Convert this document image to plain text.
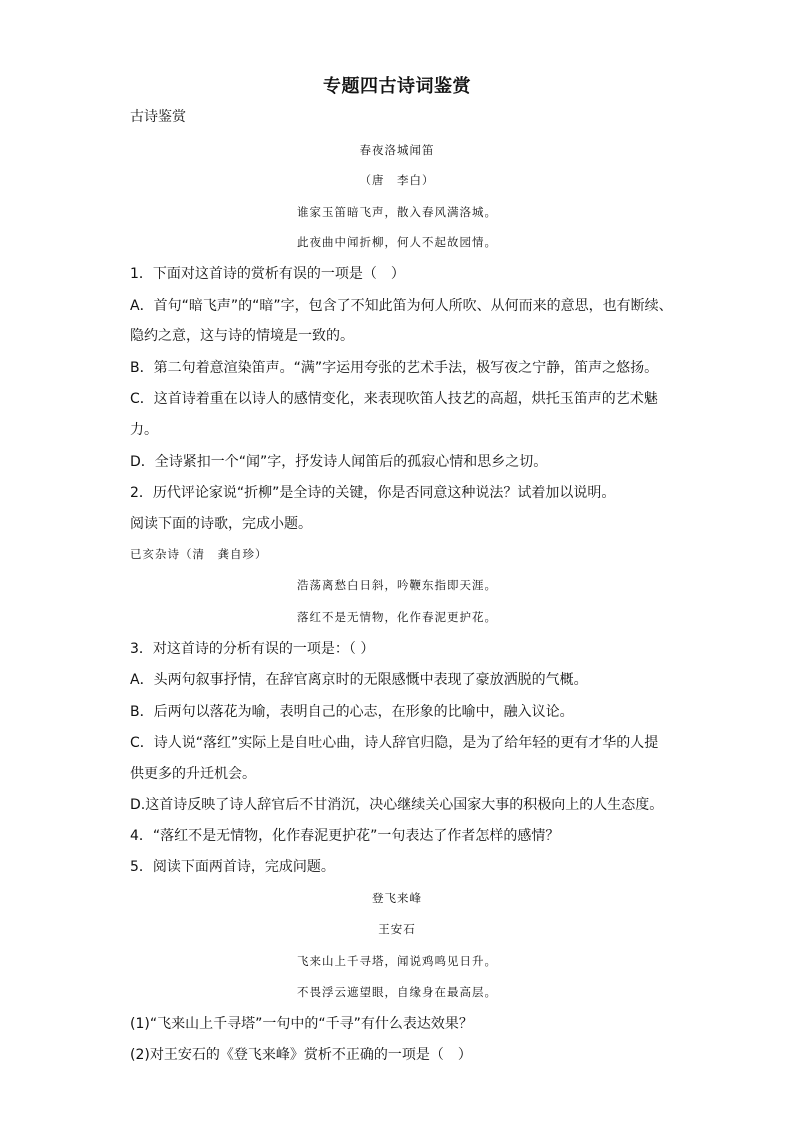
专题四古诗词鉴赏
古诗鉴赏
春夜洛城闻笛
（唐　李白）
谁家玉笛暗飞声，散入春风满洛城。
此夜曲中闻折柳，何人不起故园情。
1．下面对这首诗的赏析有误的一项是（　）
A．首句“暗飞声”的“暗”字，包含了不知此笛为何人所吹、从何而来的意思，也有断续、
隐约之意，这与诗的情境是一致的。
B．第二句着意渲染笛声。“满”字运用夸张的艺术手法，极写夜之宁静，笛声之悠扬。
C．这首诗着重在以诗人的感情变化，来表现吹笛人技艺的高超，烘托玉笛声的艺术魅
力。
D．全诗紧扣一个“闻”字，抒发诗人闻笛后的孤寂心情和思乡之切。
2．历代评论家说“折柳”是全诗的关键，你是否同意这种说法？试着加以说明。
阅读下面的诗歌，完成小题。
已亥杂诗（清　龚自珍）
浩荡离愁白日斜，吟鞭东指即天涯。
落红不是无情物，化作春泥更护花。
3．对这首诗的分析有误的一项是：（ ）
A．头两句叙事抒情，在辞官离京时的无限感慨中表现了豪放洒脱的气概。
B．后两句以落花为喻，表明自己的心志，在形象的比喻中，融入议论。
C．诗人说“落红”实际上是自吐心曲，诗人辞官归隐，是为了给年轻的更有才华的人提
供更多的升迁机会。
D.这首诗反映了诗人辞官后不甘消沉，决心继续关心国家大事的积极向上的人生态度。
4．“落红不是无情物，化作春泥更护花”一句表达了作者怎样的感情？
5．阅读下面两首诗，完成问题。
登飞来峰
王安石
飞来山上千寻塔，闻说鸡鸣见日升。
不畏浮云遮望眼，自缘身在最高层。
(1)“飞来山上千寻塔”一句中的“千寻”有什么表达效果？
(2)对王安石的《登飞来峰》赏析不正确的一项是（　）
